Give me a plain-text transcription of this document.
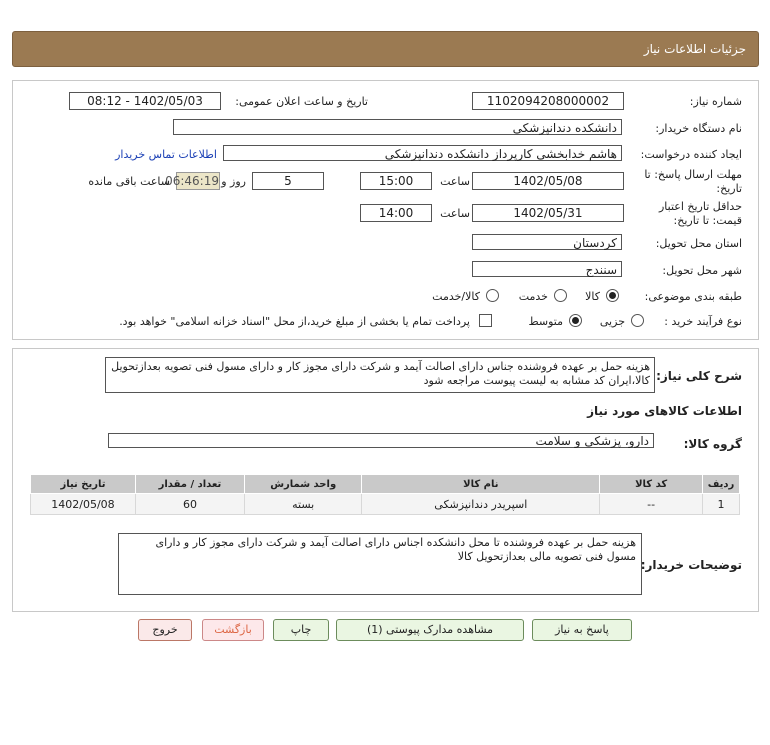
جزئیات اطلاعات نیاز
شماره نیاز:
1102094208000002
تاریخ و ساعت اعلان عمومی:
1402/05/03 - 08:12
نام دستگاه خریدار:
دانشکده دندانپزشکی
ایجاد کننده درخواست:
هاشم خدابخشی کارپرداز دانشکده دندانپزشکی
اطلاعات تماس خریدار
مهلت ارسال پاسخ: تا
تاریخ:
1402/05/08
ساعت
15:00
5
روز و
06:46:19
ساعت باقی مانده
حداقل تاریخ اعتبار
قیمت: تا تاریخ:
1402/05/31
ساعت
14:00
استان محل تحویل:
کردستان
شهر محل تحویل:
سنندج
طبقه بندی موضوعی:
کالا
خدمت
کالا/خدمت
نوع فرآیند خرید :
جزیی
متوسط
پرداخت تمام یا بخشی از مبلغ خرید،از محل "اسناد خزانه اسلامی" خواهد بود.
شرح کلی نیاز:
هزینه حمل بر عهده فروشنده جناس دارای اصالت آیمد و شرکت دارای مجوز کار و دارای مسول فنی تصویه بعدازتحویل کالا،ایران کد مشابه به لیست پیوست مراجعه شود
اطلاعات کالاهای مورد نیاز
گروه کالا:
دارو، پزشکی و سلامت
ردیف	کد کالا	نام کالا	واحد شمارش	تعداد / مقدار	تاریخ نیاز
1	--	اسپریدر دندانپزشکی	بسته	60	1402/05/08
توضیحات خریدار:
هزینه حمل بر عهده فروشنده تا محل دانشکده اجناس دارای اصالت آیمد و شرکت دارای مجوز کار و دارای مسول فنی تصویه مالی بعدازتحویل کالا
پاسخ به نیاز
مشاهده مدارک پیوستی (1)
چاپ
بازگشت
خروج
